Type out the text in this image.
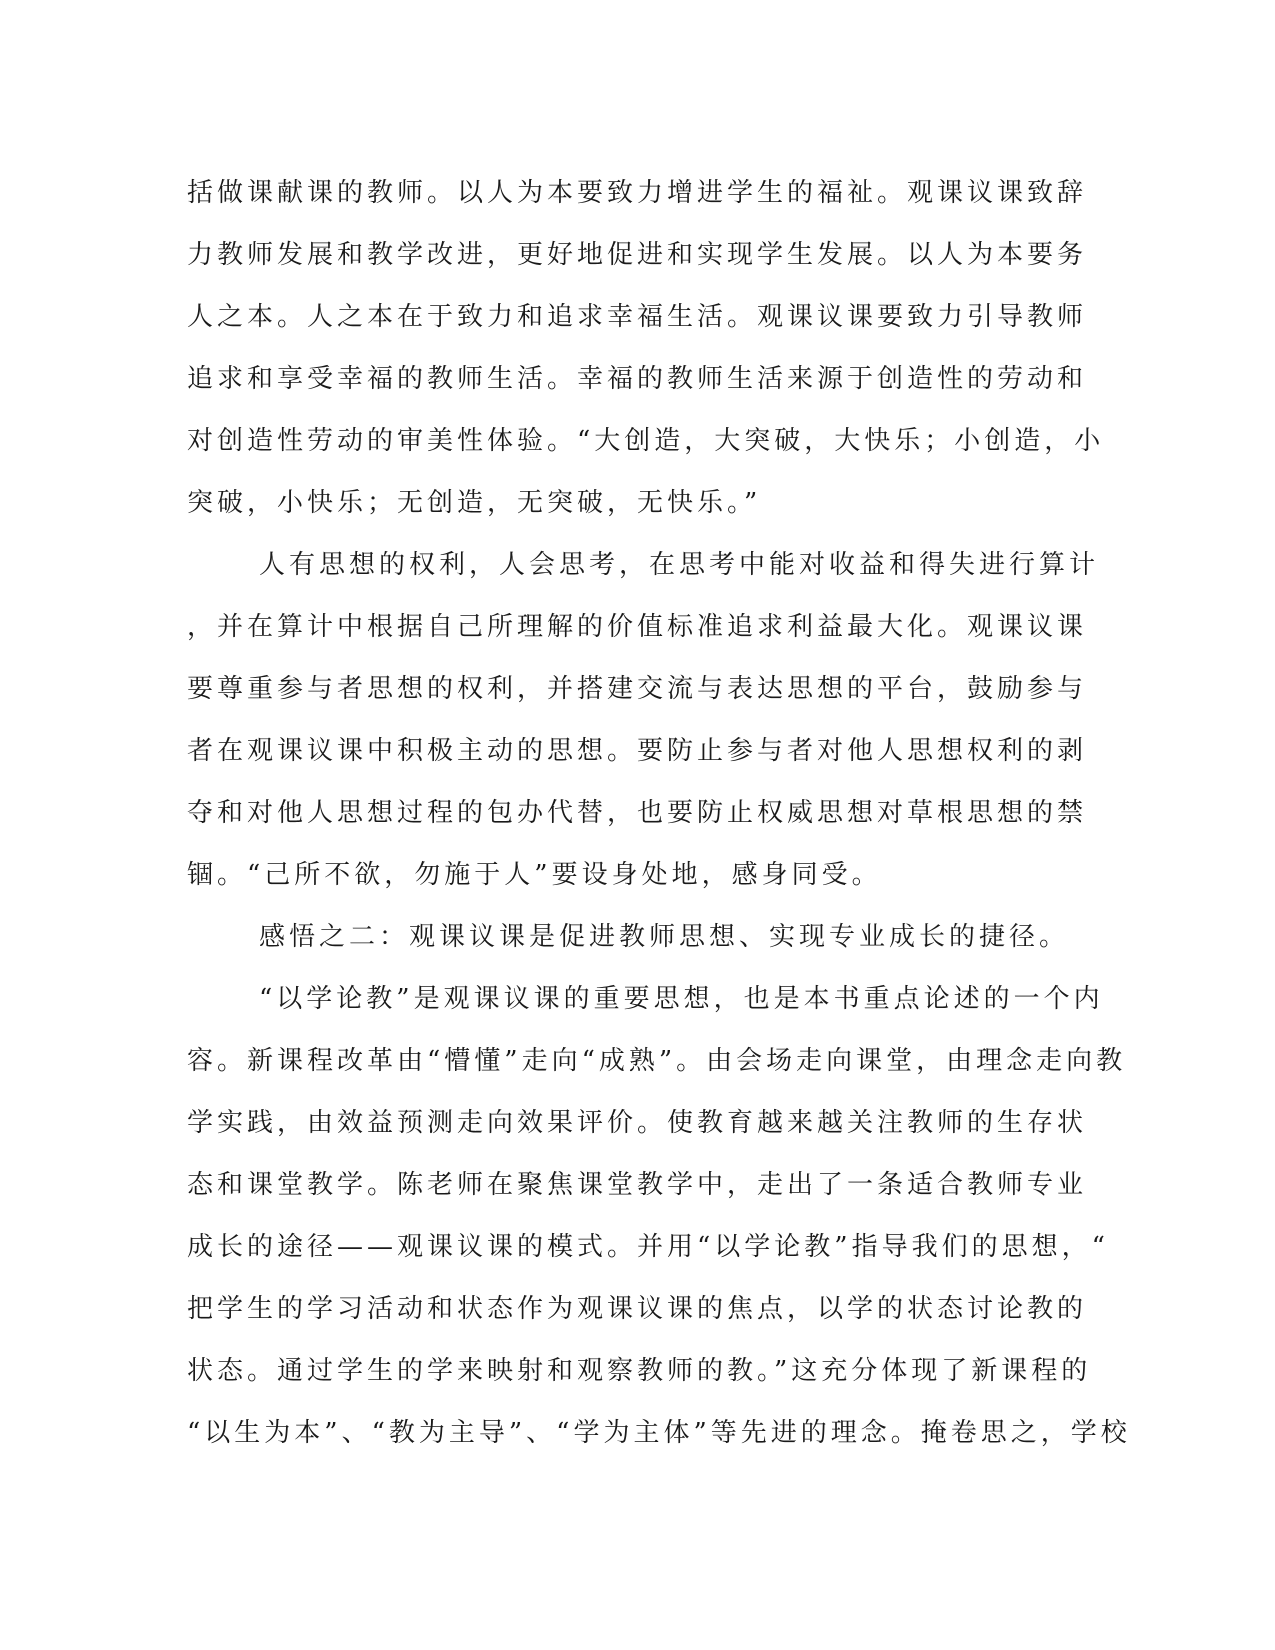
括做课献课的教师。以人为本要致力增进学生的福祉。观课议课致辞
力教师发展和教学改进，更好地促进和实现学生发展。以人为本要务
人之本。人之本在于致力和追求幸福生活。观课议课要致力引导教师
追求和享受幸福的教师生活。幸福的教师生活来源于创造性的劳动和
对创造性劳动的审美性体验。“大创造，大突破，大快乐；小创造，小
突破，小快乐；无创造，无突破，无快乐。”
人有思想的权利，人会思考，在思考中能对收益和得失进行算计
，并在算计中根据自己所理解的价值标准追求利益最大化。观课议课
要尊重参与者思想的权利，并搭建交流与表达思想的平台，鼓励参与
者在观课议课中积极主动的思想。要防止参与者对他人思想权利的剥
夺和对他人思想过程的包办代替，也要防止权威思想对草根思想的禁
锢。“己所不欲，勿施于人”要设身处地，感身同受。
感悟之二：观课议课是促进教师思想、实现专业成长的捷径。
“以学论教”是观课议课的重要思想，也是本书重点论述的一个内
容。新课程改革由“懵懂”走向“成熟”。由会场走向课堂，由理念走向教
学实践，由效益预测走向效果评价。使教育越来越关注教师的生存状
态和课堂教学。陈老师在聚焦课堂教学中，走出了一条适合教师专业
成长的途径——观课议课的模式。并用“以学论教”指导我们的思想，“
把学生的学习活动和状态作为观课议课的焦点，以学的状态讨论教的
状态。通过学生的学来映射和观察教师的教。”这充分体现了新课程的
“以生为本”、“教为主导”、“学为主体”等先进的理念。掩卷思之，学校
